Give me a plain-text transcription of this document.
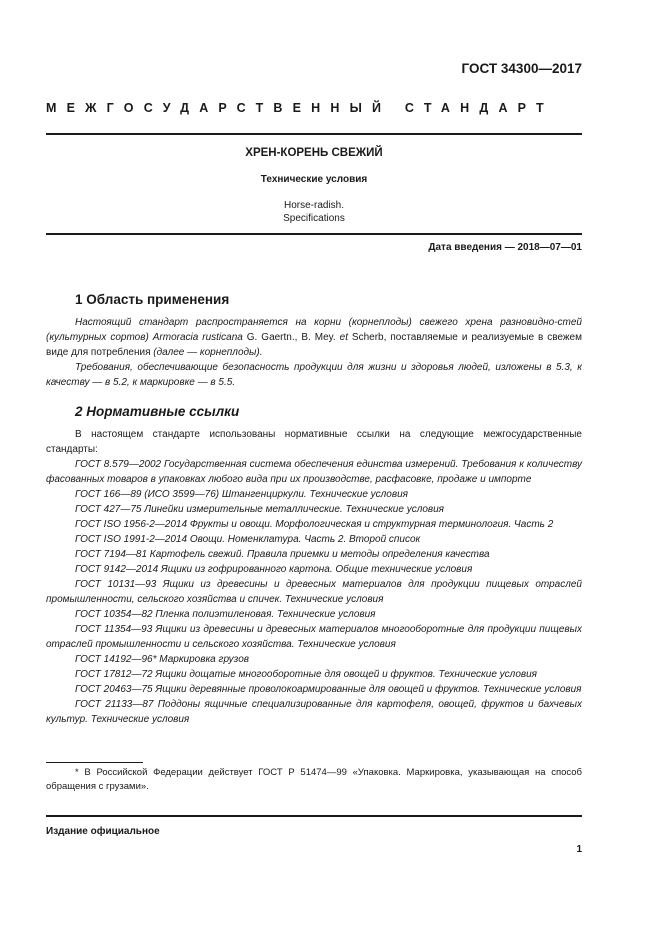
ГОСТ 34300—2017
МЕЖГОСУДАРСТВЕННЫЙ СТАНДАРТ
ХРЕН-КОРЕНЬ СВЕЖИЙ
Технические условия
Horse-radish.
Specifications
Дата введения — 2018—07—01
1 Область применения

Настоящий стандарт распространяется на корни (корнеплоды) свежего хрена разновидно-стей (культурных сортов) Armoracia rusticana G. Gaertn., B. Mey. et Scherb, поставляемые и реализуемые в свежем виде для потребления (далее — корнеплоды).

Требования, обеспечивающие безопасность продукции для жизни и здоровья людей, изложены в 5.3, к качеству — в 5.2, к маркировке — в 5.5.

2 Нормативные ссылки

В настоящем стандарте использованы нормативные ссылки на следующие межгосударственные стандарты:

ГОСТ 8.579—2002 Государственная система обеспечения единства измерений. Требования к количеству фасованных товаров в упаковках любого вида при их производстве, расфасовке, продаже и импорте

ГОСТ 166—89 (ИСО 3599—76) Штангенциркули. Технические условия

ГОСТ 427—75 Линейки измерительные металлические. Технические условия

ГОСТ ISO 1956-2—2014 Фрукты и овощи. Морфологическая и структурная терминология. Часть 2

ГОСТ ISO 1991-2—2014 Овощи. Номенклатура. Часть 2. Второй список

ГОСТ 7194—81 Картофель свежий. Правила приемки и методы определения качества

ГОСТ 9142—2014 Ящики из гофрированного картона. Общие технические условия

ГОСТ 10131—93 Ящики из древесины и древесных материалов для продукции пищевых отраслей промышленности, сельского хозяйства и спичек. Технические условия

ГОСТ 10354—82 Пленка полиэтиленовая. Технические условия

ГОСТ 11354—93 Ящики из древесины и древесных материалов многооборотные для продукции пищевых отраслей промышленности и сельского хозяйства. Технические условия

ГОСТ 14192—96* Маркировка грузов

ГОСТ 17812—72 Ящики дощатые многооборотные для овощей и фруктов. Технические условия

ГОСТ 20463—75 Ящики деревянные проволокоармированные для овощей и фруктов. Технические условия

ГОСТ 21133—87 Поддоны ящичные специализированные для картофеля, овощей, фруктов и бахчевых культур. Технические условия

* В Российской Федерации действует ГОСТ Р 51474—99 «Упаковка. Маркировка, указывающая на способ обращения с грузами».
Издание официальное
1
